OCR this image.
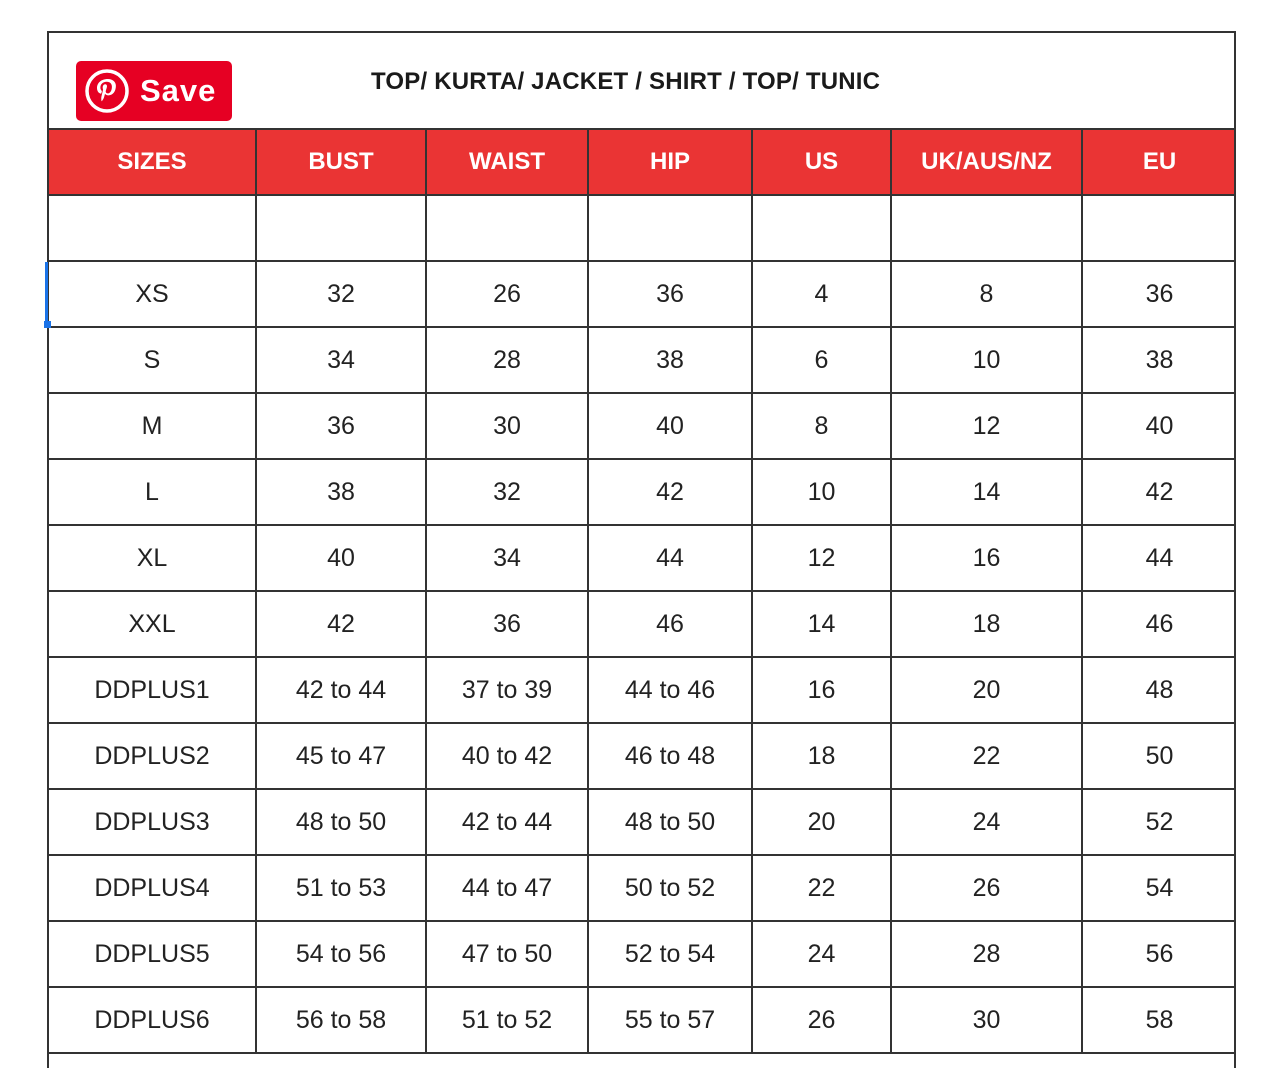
Save	TOP/ KURTA/ JACKET / SHIRT / TOP/ TUNIC
SIZES	BUST	WAIST	HIP	US	UK/AUS/NZ	EU

XS	32	26	36	4	8	36
S	34	28	38	6	10	38
M	36	30	40	8	12	40
L	38	32	42	10	14	42
XL	40	34	44	12	16	44
XXL	42	36	46	14	18	46
DDPLUS1	42 to 44	37 to 39	44 to 46	16	20	48
DDPLUS2	45 to 47	40 to 42	46 to 48	18	22	50
DDPLUS3	48 to 50	42 to 44	48 to 50	20	24	52
DDPLUS4	51 to 53	44 to 47	50 to 52	22	26	54
DDPLUS5	54 to 56	47 to 50	52 to 54	24	28	56
DDPLUS6	56 to 58	51 to 52	55 to 57	26	30	58
